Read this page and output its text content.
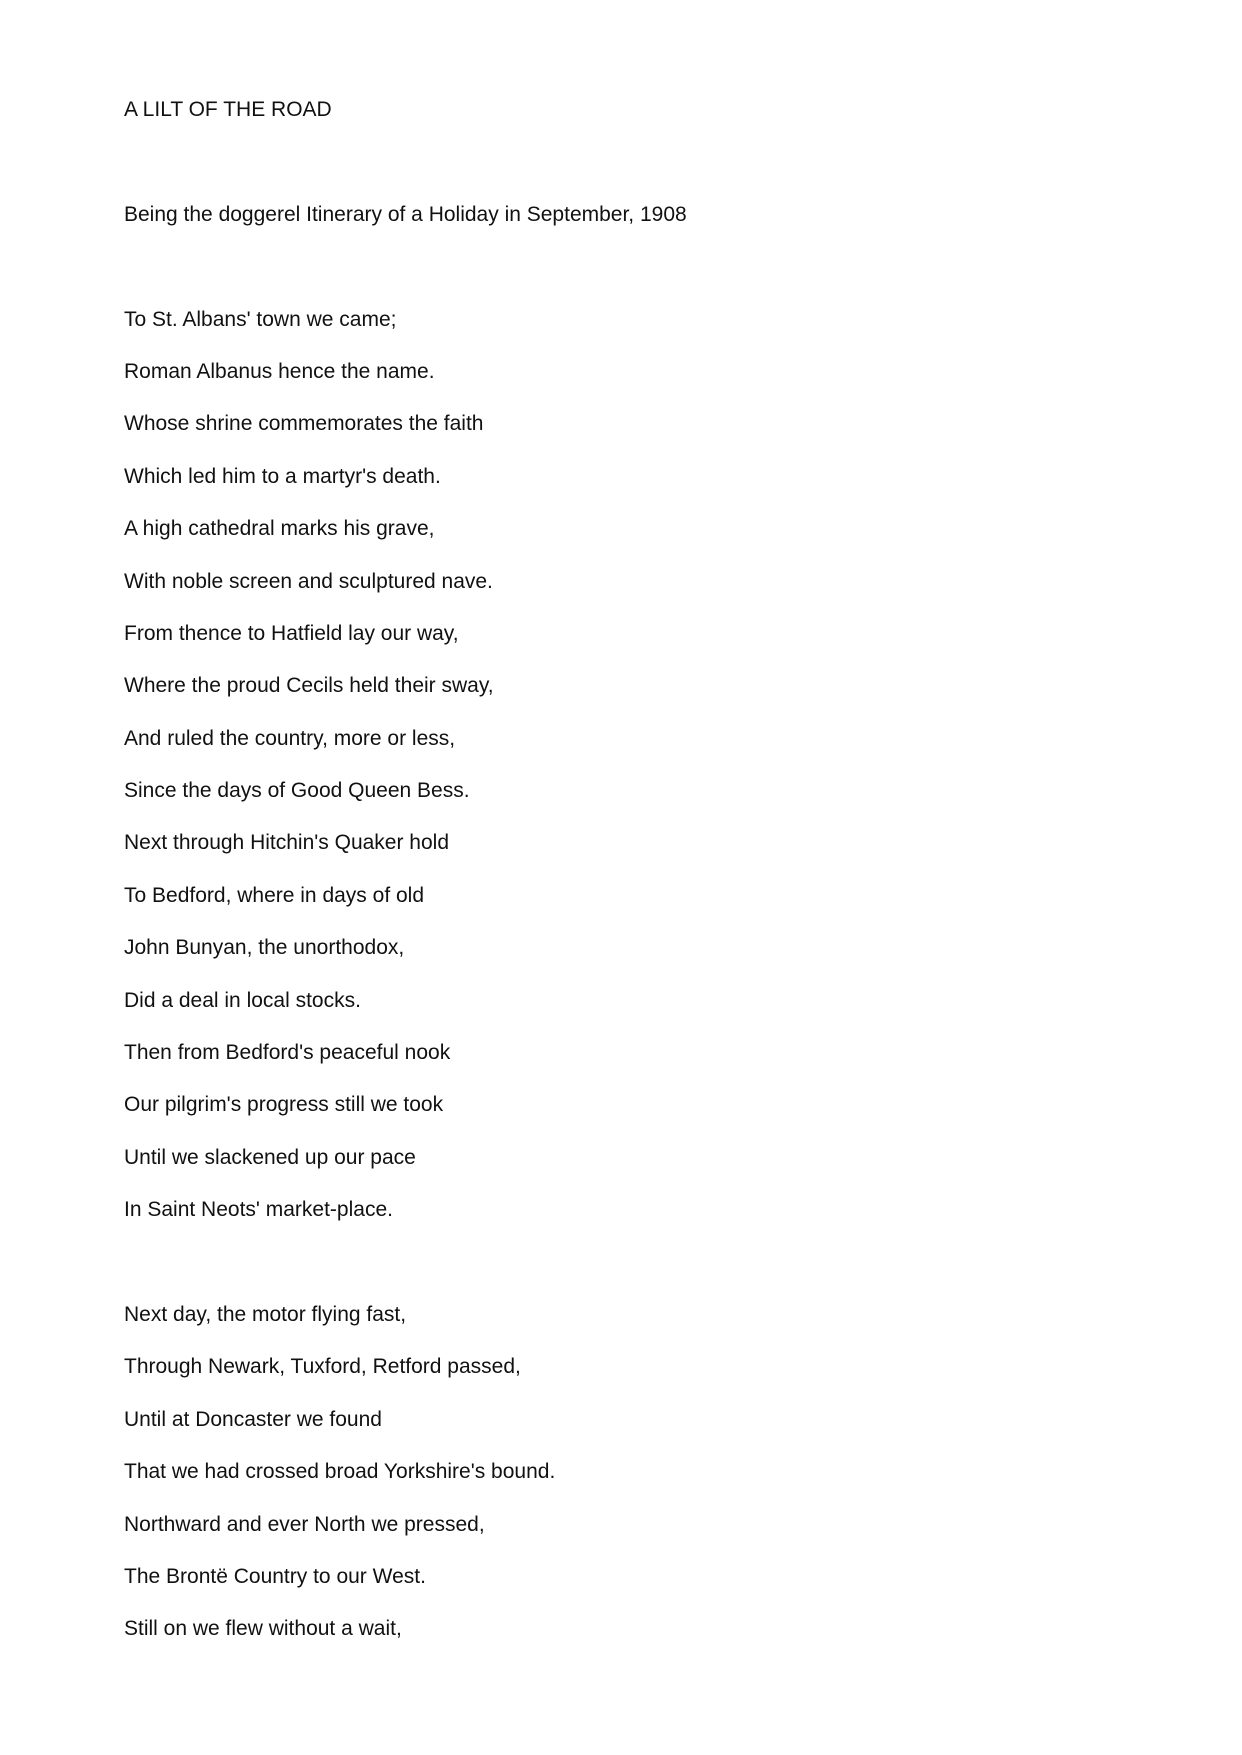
A LILT OF THE ROAD
Being the doggerel Itinerary of a Holiday in September, 1908
To St. Albans' town we came;
Roman Albanus hence the name.
Whose shrine commemorates the faith
Which led him to a martyr's death.
A high cathedral marks his grave,
With noble screen and sculptured nave.
From thence to Hatfield lay our way,
Where the proud Cecils held their sway,
And ruled the country, more or less,
Since the days of Good Queen Bess.
Next through Hitchin's Quaker hold
To Bedford, where in days of old
John Bunyan, the unorthodox,
Did a deal in local stocks.
Then from Bedford's peaceful nook
Our pilgrim's progress still we took
Until we slackened up our pace
In Saint Neots' market-place.
Next day, the motor flying fast,
Through Newark, Tuxford, Retford passed,
Until at Doncaster we found
That we had crossed broad Yorkshire's bound.
Northward and ever North we pressed,
The Brontë Country to our West.
Still on we flew without a wait,
